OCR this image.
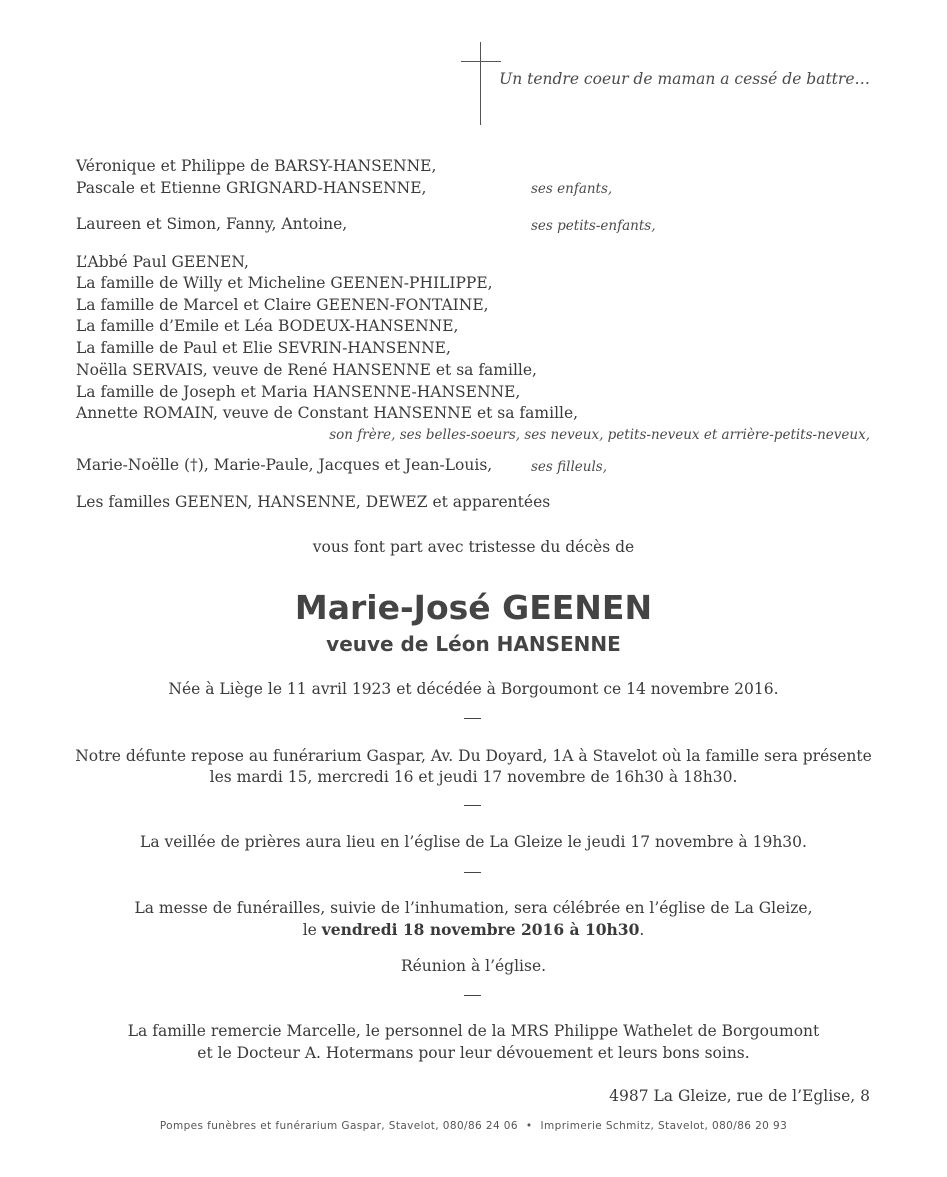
Un tendre coeur de maman a cessé de battre…
Véronique et Philippe de BARSY-HANSENNE,
Pascale et Etienne GRIGNARD-HANSENNE,	ses enfants,
Laureen et Simon, Fanny, Antoine,	ses petits-enfants,
L’Abbé Paul GEENEN,
La famille de Willy et Micheline GEENEN-PHILIPPE,
La famille de Marcel et Claire GEENEN-FONTAINE,
La famille d’Emile et Léa BODEUX-HANSENNE,
La famille de Paul et Elie SEVRIN-HANSENNE,
Noëlla SERVAIS, veuve de René HANSENNE et sa famille,
La famille de Joseph et Maria HANSENNE-HANSENNE,
Annette ROMAIN, veuve de Constant HANSENNE et sa famille,
son frère, ses belles-soeurs, ses neveux, petits-neveux et arrière-petits-neveux,
Marie-Noëlle (†), Marie-Paule, Jacques et Jean-Louis,	ses filleuls,
Les familles GEENEN, HANSENNE, DEWEZ et apparentées
vous font part avec tristesse du décès de
Marie-José GEENEN
veuve de Léon HANSENNE
Née à Liège le 11 avril 1923 et décédée à Borgoumont ce 14 novembre 2016.
Notre défunte repose au funérarium Gaspar, Av. Du Doyard, 1A à Stavelot où la famille sera présente
les mardi 15, mercredi 16 et jeudi 17 novembre de 16h30 à 18h30.
La veillée de prières aura lieu en l’église de La Gleize le jeudi 17 novembre à 19h30.
La messe de funérailles, suivie de l’inhumation, sera célébrée en l’église de La Gleize,
le vendredi 18 novembre 2016 à 10h30.
Réunion à l’église.
La famille remercie Marcelle, le personnel de la MRS Philippe Wathelet de Borgoumont
et le Docteur A. Hotermans pour leur dévouement et leurs bons soins.
4987 La Gleize, rue de l’Eglise, 8
Pompes funèbres et funérarium Gaspar, Stavelot, 080/86 24 06 • Imprimerie Schmitz, Stavelot, 080/86 20 93
